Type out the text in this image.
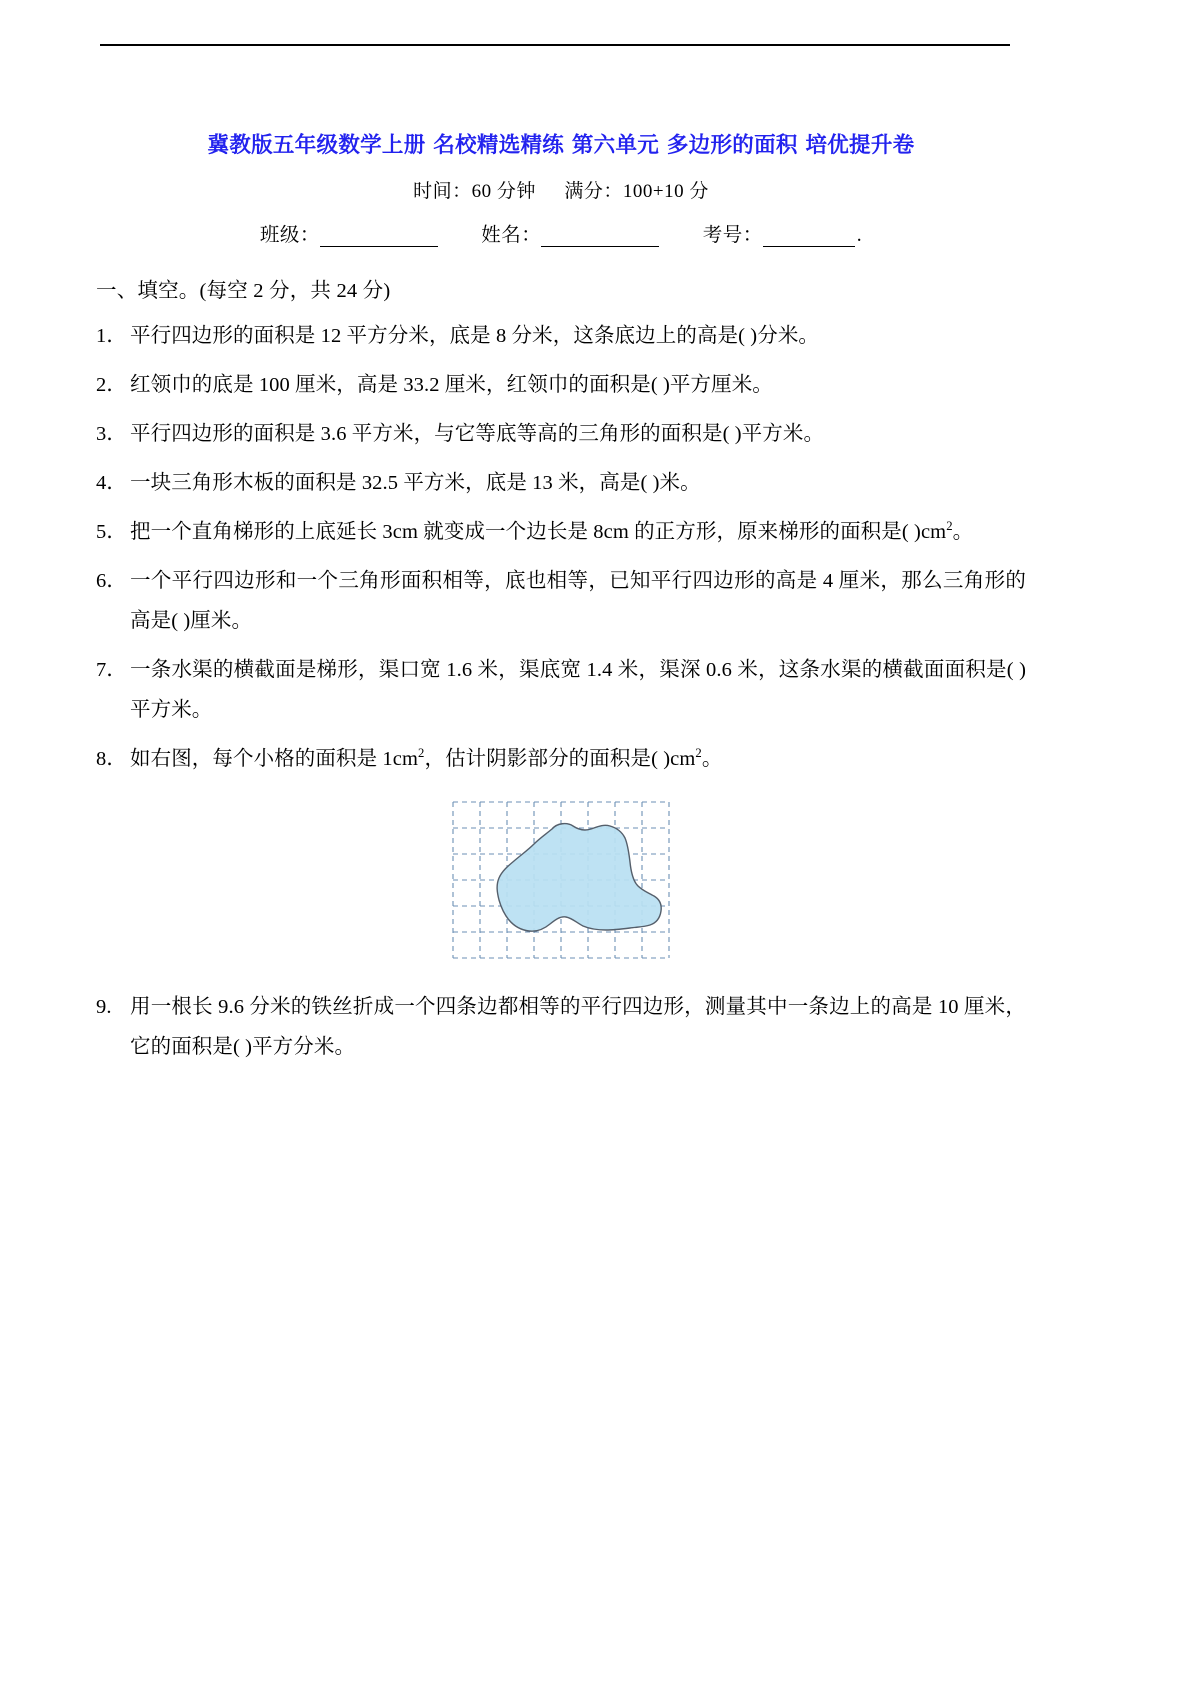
冀教版五年级数学上册 名校精选精练 第六单元 多边形的面积 培优提升卷
时间：60 分钟 满分：100+10 分
班级：	姓名：	考号：	.
一、填空。(每空 2 分，共 24 分)
1． 平行四边形的面积是 12 平方分米，底是 8 分米，这条底边上的高是( )分米。
2． 红领巾的底是 100 厘米，高是 33.2 厘米，红领巾的面积是( )平方厘米。
3． 平行四边形的面积是 3.6 平方米，与它等底等高的三角形的面积是( )平方米。
4． 一块三角形木板的面积是 32.5 平方米，底是 13 米，高是( )米。
5． 把一个直角梯形的上底延长 3cm 就变成一个边长是 8cm 的正方形，原来梯形的面积是( )$cm^2$。
6． 一个平行四边形和一个三角形面积相等，底也相等，已知平行四边形的高是 4 厘米，那么三角形的高是( )厘米。
7． 一条水渠的横截面是梯形，渠口宽 1.6 米，渠底宽 1.4 米，渠深 0.6 米，这条水渠的横截面面积是( )平方米。
8． 如右图，每个小格的面积是 $1cm^2$，估计阴影部分的面积是( )$cm^2$。
9. 用一根长 9.6 分米的铁丝折成一个四条边都相等的平行四边形，测量其中一条边上的高是 10 厘米，它的面积是( )平方分米。
